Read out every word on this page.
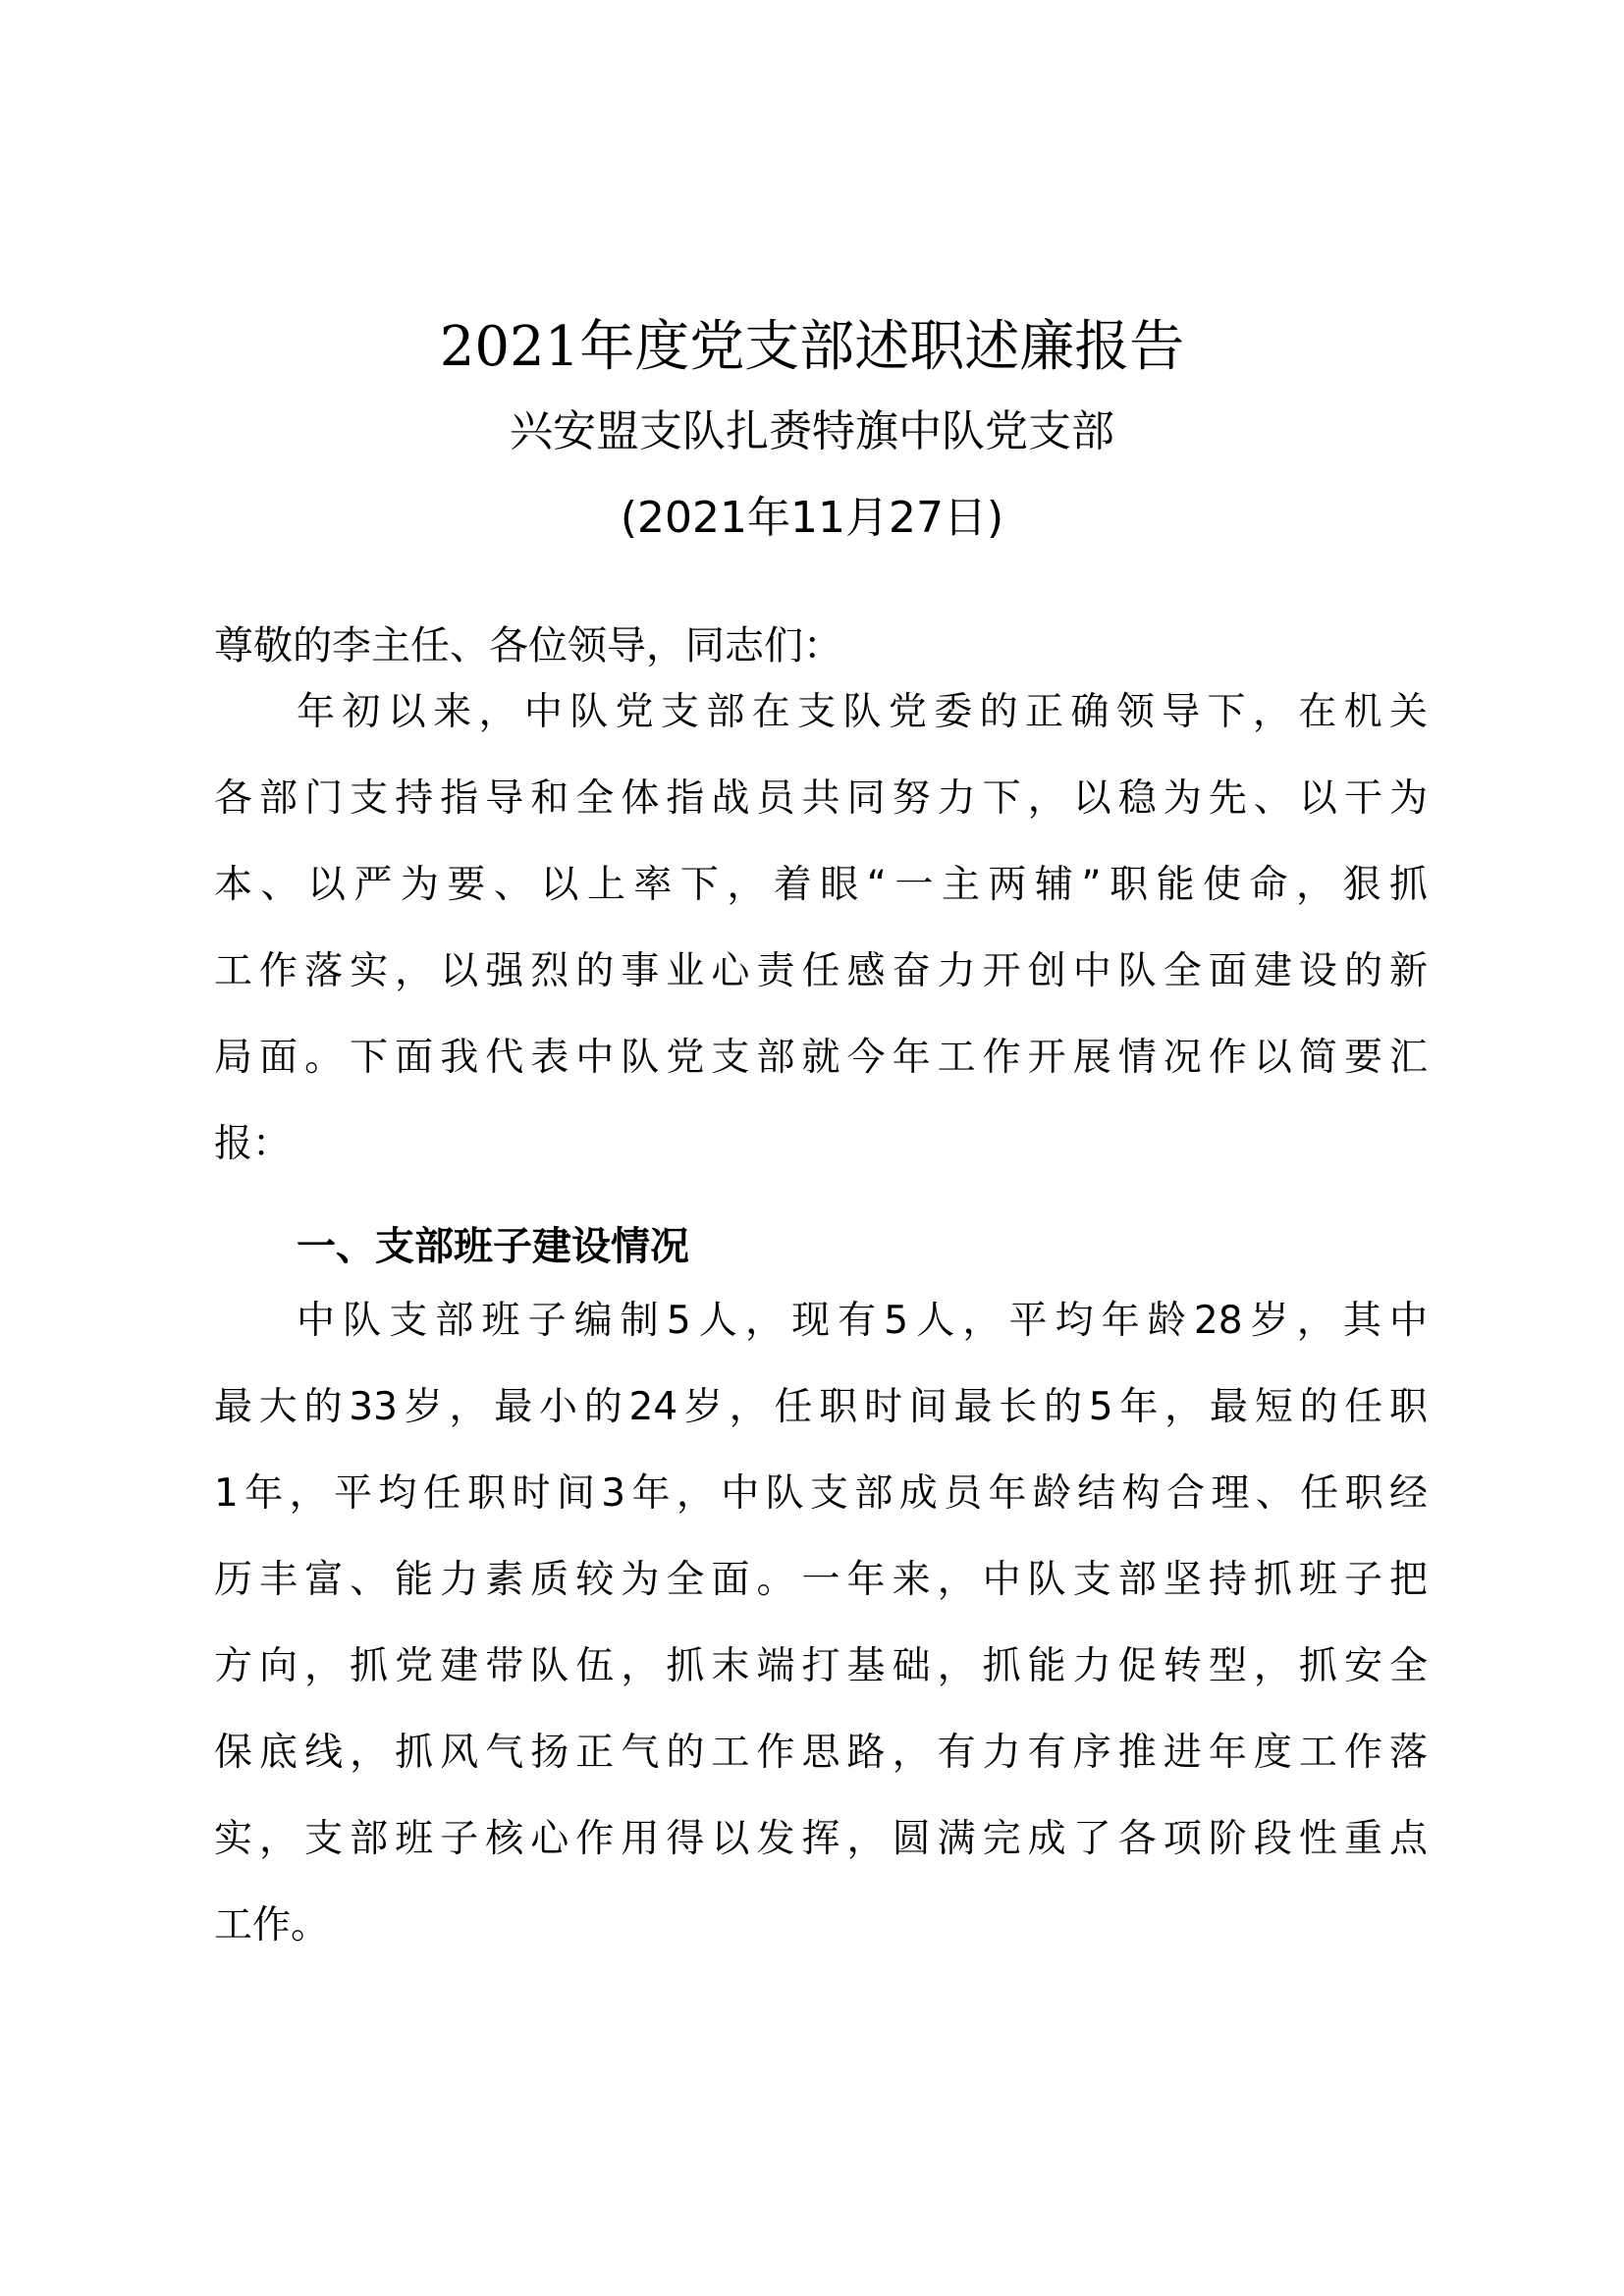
2021年度党支部述职述廉报告
兴安盟支队扎赉特旗中队党支部
(2021年11月27日)
尊敬的李主任、各位领导，同志们：
年初以来，中队党支部在支队党委的正确领导下，在机关
各部门支持指导和全体指战员共同努力下，以稳为先、以干为
本、以严为要、以上率下，着眼“一主两辅”职能使命，狠抓
工作落实，以强烈的事业心责任感奋力开创中队全面建设的新
局面。下面我代表中队党支部就今年工作开展情况作以简要汇
报：
一、支部班子建设情况
中队支部班子编制5人，现有5人，平均年龄28岁，其中
最大的33岁，最小的24岁，任职时间最长的5年，最短的任职
1年，平均任职时间3年，中队支部成员年龄结构合理、任职经
历丰富、能力素质较为全面。一年来，中队支部坚持抓班子把
方向，抓党建带队伍，抓末端打基础，抓能力促转型，抓安全
保底线，抓风气扬正气的工作思路，有力有序推进年度工作落
实，支部班子核心作用得以发挥，圆满完成了各项阶段性重点
工作。
